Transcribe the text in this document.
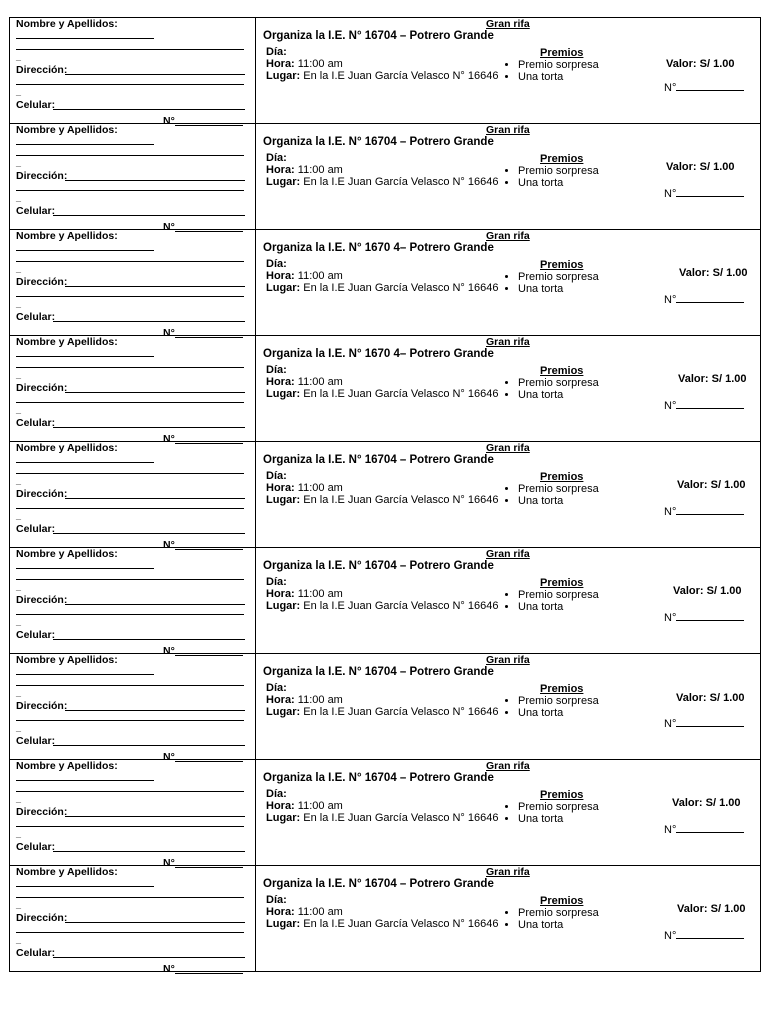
Nombre y Apellidos:
_
Dirección:
_
Celular:
N°
Gran rifa
Organiza la I.E. N° 16704 – Potrero Grande
Día:
Hora: 11:00 am
Lugar: En la I.E Juan García Velasco N° 16646
Premios
• Premio sorpresa
• Una torta
Valor: S/ 1.00
N°
Nombre y Apellidos:
_
Dirección:
_
Celular:
N°
Gran rifa
Organiza la I.E. N° 16704 – Potrero Grande
Día:
Hora: 11:00 am
Lugar: En la I.E Juan García Velasco N° 16646
Premios
• Premio sorpresa
• Una torta
Valor: S/ 1.00
N°
Nombre y Apellidos:
_
Dirección:
_
Celular:
N°
Gran rifa
Organiza la I.E. N° 1670 4– Potrero Grande
Día:
Hora: 11:00 am
Lugar: En la I.E Juan García Velasco N° 16646
Premios
• Premio sorpresa
• Una torta
Valor: S/ 1.00
N°
Nombre y Apellidos:
_
Dirección:
_
Celular:
N°
Gran rifa
Organiza la I.E. N° 1670 4– Potrero Grande
Día:
Hora: 11:00 am
Lugar: En la I.E Juan García Velasco N° 16646
Premios
• Premio sorpresa
• Una torta
Valor: S/ 1.00
N°
Nombre y Apellidos:
_
Dirección:
_
Celular:
N°
Gran rifa
Organiza la I.E. N° 16704 – Potrero Grande
Día:
Hora: 11:00 am
Lugar: En la I.E Juan García Velasco N° 16646
Premios
• Premio sorpresa
• Una torta
Valor: S/ 1.00
N°
Nombre y Apellidos:
_
Dirección:
_
Celular:
N°
Gran rifa
Organiza la I.E. N° 16704 – Potrero Grande
Día:
Hora: 11:00 am
Lugar: En la I.E Juan García Velasco N° 16646
Premios
• Premio sorpresa
• Una torta
Valor: S/ 1.00
N°
Nombre y Apellidos:
_
Dirección:
_
Celular:
N°
Gran rifa
Organiza la I.E. N° 16704 – Potrero Grande
Día:
Hora: 11:00 am
Lugar: En la I.E Juan García Velasco N° 16646
Premios
• Premio sorpresa
• Una torta
Valor: S/ 1.00
N°
Nombre y Apellidos:
_
Dirección:
_
Celular:
N°
Gran rifa
Organiza la I.E. N° 16704 – Potrero Grande
Día:
Hora: 11:00 am
Lugar: En la I.E Juan García Velasco N° 16646
Premios
• Premio sorpresa
• Una torta
Valor: S/ 1.00
N°
Nombre y Apellidos:
_
Dirección:
_
Celular:
N°
Gran rifa
Organiza la I.E. N° 16704 – Potrero Grande
Día:
Hora: 11:00 am
Lugar: En la I.E Juan García Velasco N° 16646
Premios
• Premio sorpresa
• Una torta
Valor: S/ 1.00
N°
